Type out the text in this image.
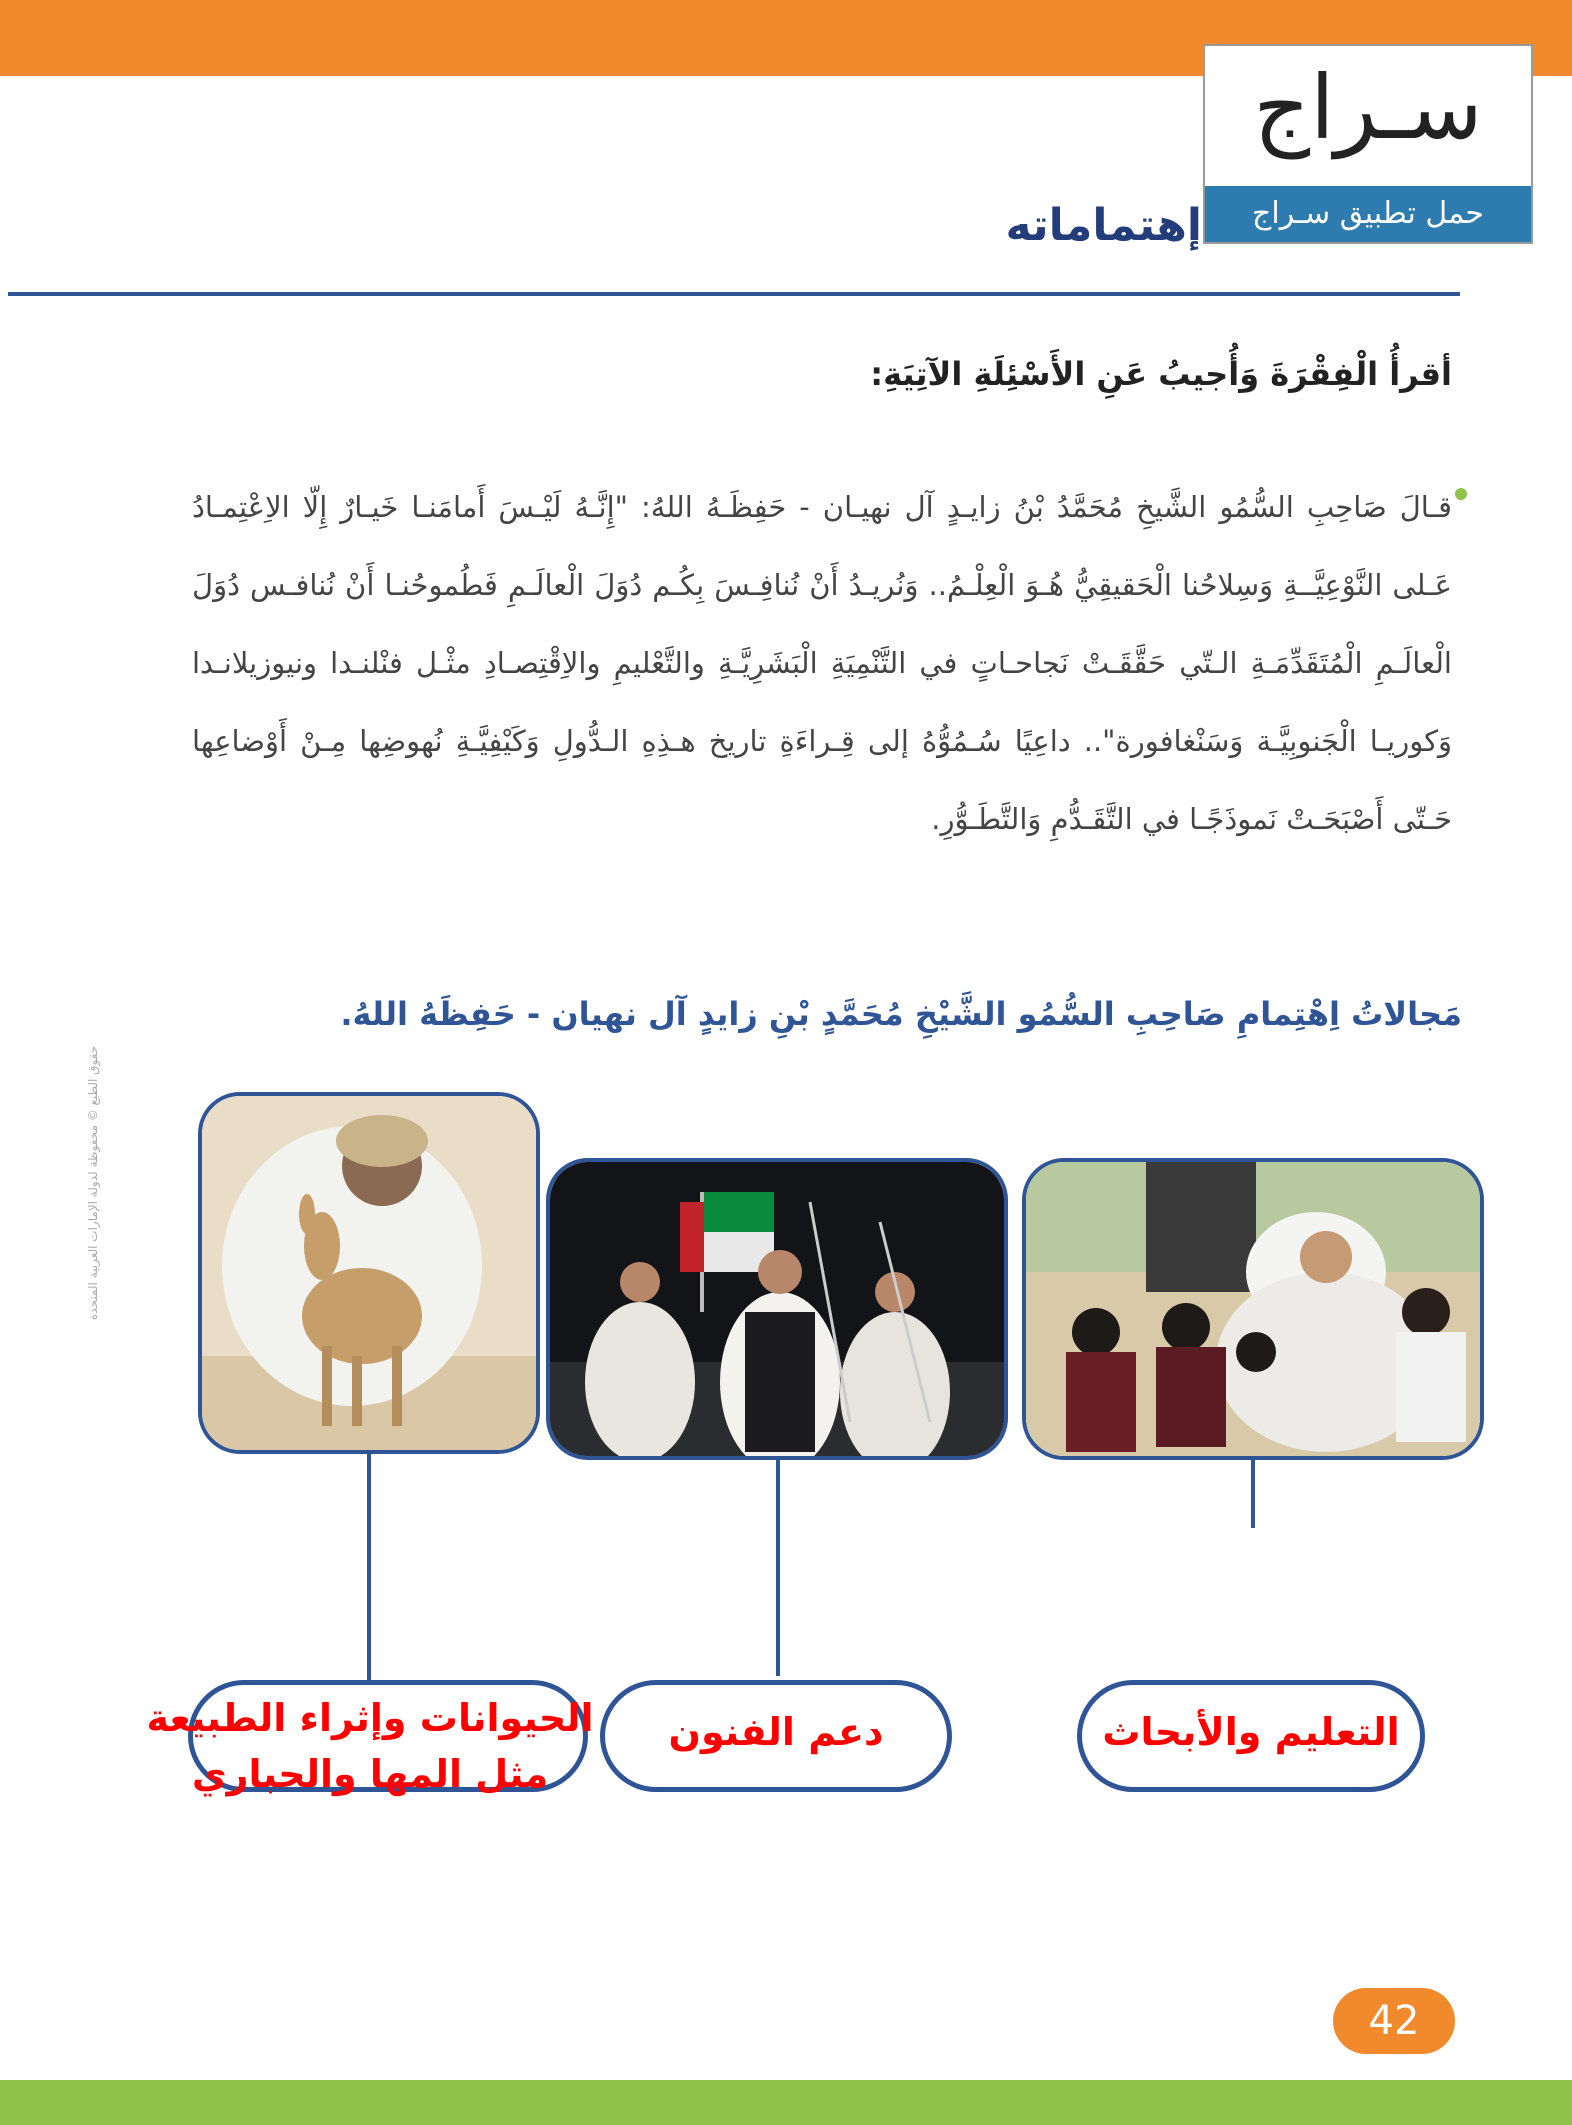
سـراج
حمل تطبيق سـراج
إهتماماته
أقرأُ الْفِقْرَةَ وَأُجيبُ عَنِ الأَسْئِلَةِ الآتِيَةِ:
قـالَ صَاحِبِ السُّمُو الشَّيخِ مُحَمَّدُ بْنُ زايـدٍ آل نهيـان - حَفِظَـهُ اللهُ: "إِنَّـهُ لَيْـسَ أَمامَنـا خَيـارٌ إِلّا الاِعْتِمـادُ عَـلى النَّوْعِيَّــةِ وَسِلاحُنا الْحَقيقِيُّ هُـوَ الْعِلْـمُ.. وَنُريـدُ أَنْ نُنافِـسَ بِكُـم دُوَلَ الْعالَـمِ فَطُموحُنـا أَنْ نُنافـس دُوَلَ الْعالَـمِ الْمُتَقَدِّمَـةِ الـتّي حَقَّقَـتْ نَجاحـاتٍ في التَّنْمِيَةِ الْبَشَرِيَّـةِ والتَّعْليمِ والاِقْتِصـادِ مثْـل فنْلنـدا ونيوزيلانـدا وَكوريـا الْجَنوبِيَّـة وَسَنْغافورة".. داعِيًا سُـمُوُّهُ إلى قِـراءَةِ تاريخ هـذِهِ الـدُّولِ وَكَيْفِيَّـةِ نُهوضِها مِـنْ أَوْضاعِها حَـتّى أَصْبَحَـتْ نَموذَجًـا في التَّقَـدُّمِ وَالتَّطَـوُّرِ.
مَجالاتُ اِهْتِمامِ صَاحِبِ السُّمُو الشَّيْخِ مُحَمَّدٍ بْنِ زايدٍ آل نهيان - حَفِظَهُ اللهُ.
التعليم والأبحاث
دعم الفنون
الحيوانات وإثراء الطبيعة مثل المها والحباري
حقوق الطبع © محفوظة لدولة الإمارات العربية المتحدة
42
